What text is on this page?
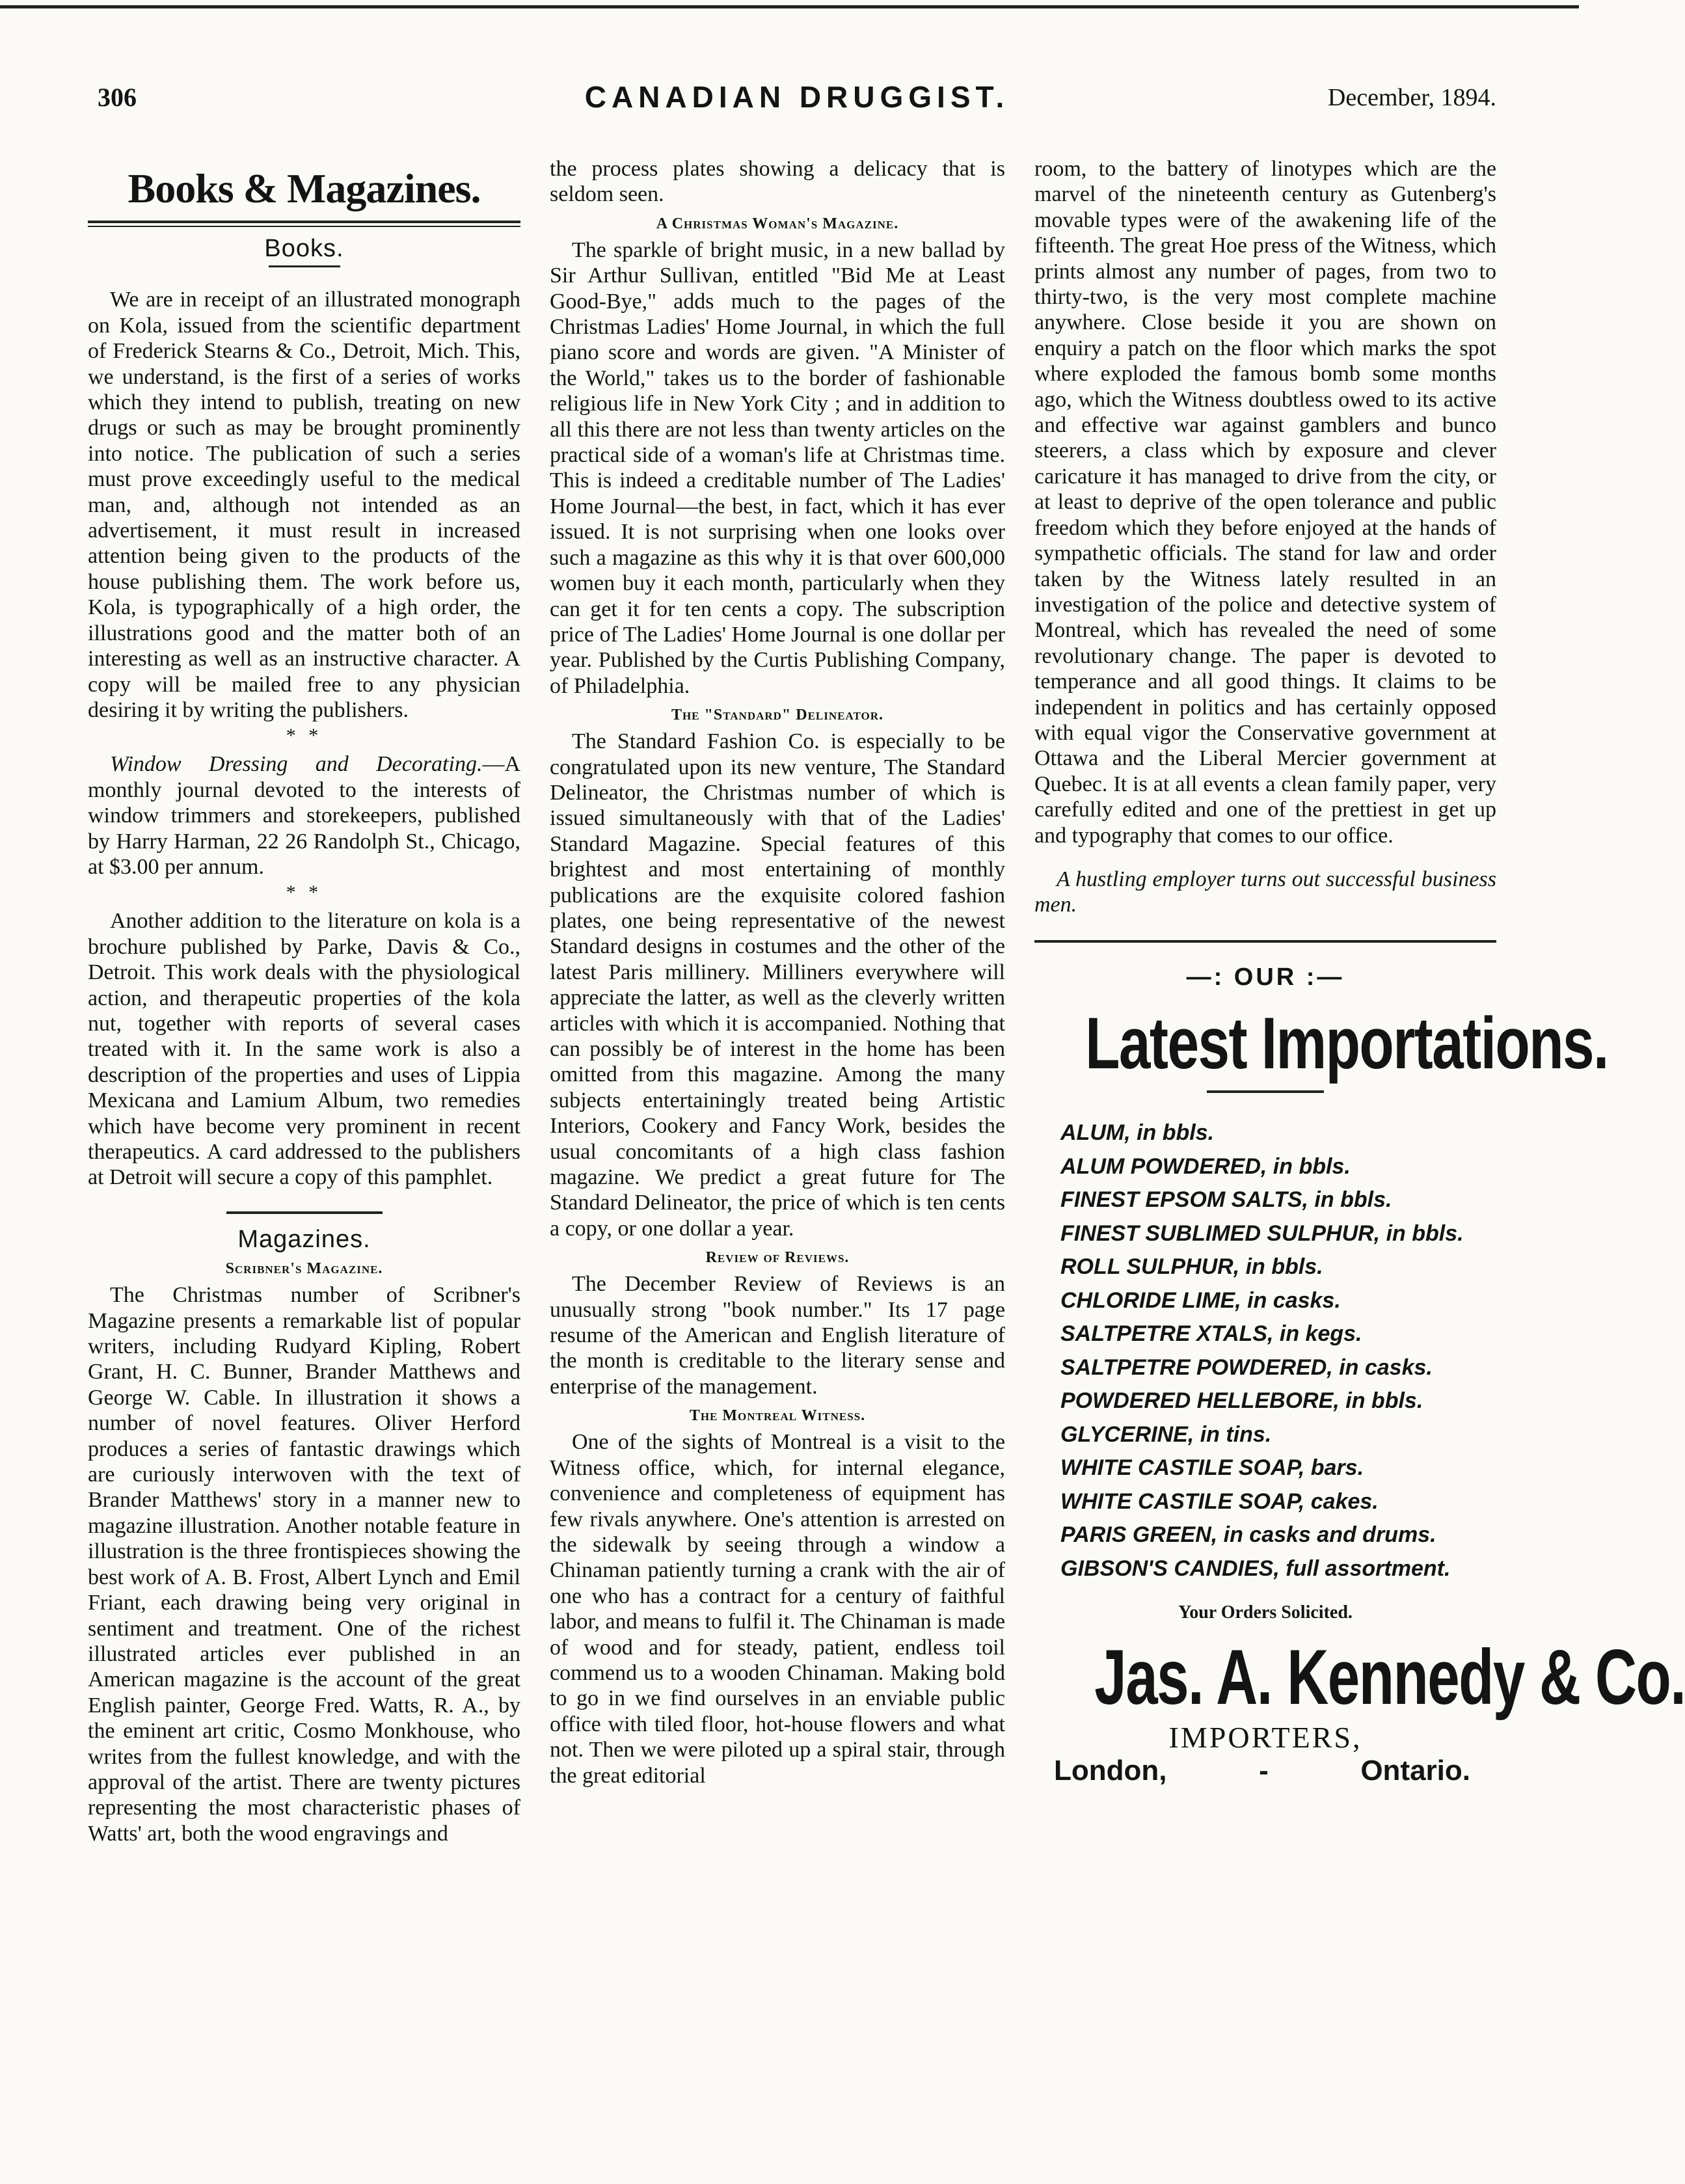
306	CANADIAN DRUGGIST.	December, 1894.
Books & Magazines.
Books.

We are in receipt of an illustrated monograph on Kola, issued from the scientific department of Frederick Stearns & Co., Detroit, Mich. This, we understand, is the first of a series of works which they intend to publish, treating on new drugs or such as may be brought prominently into notice. The publication of such a series must prove exceedingly useful to the medical man, and, although not intended as an advertisement, it must result in increased attention being given to the products of the house publishing them. The work before us, Kola, is typographically of a high order, the illustrations good and the matter both of an interesting as well as an instructive character. A copy will be mailed free to any physician desiring it by writing the publishers.

* *

Window Dressing and Decorating.—A monthly journal devoted to the interests of window trimmers and storekeepers, published by Harry Harman, 22 26 Randolph St., Chicago, at $3.00 per annum.

* *

Another addition to the literature on kola is a brochure published by Parke, Davis & Co., Detroit. This work deals with the physiological action, and therapeutic properties of the kola nut, together with reports of several cases treated with it. In the same work is also a description of the properties and uses of Lippia Mexicana and Lamium Album, two remedies which have become very prominent in recent therapeutics. A card addressed to the publishers at Detroit will secure a copy of this pamphlet.

Magazines.
Scribner's Magazine.

The Christmas number of Scribner's Magazine presents a remarkable list of popular writers, including Rudyard Kipling, Robert Grant, H. C. Bunner, Brander Matthews and George W. Cable. In illustration it shows a number of novel features. Oliver Herford produces a series of fantastic drawings which are curiously interwoven with the text of Brander Matthews' story in a manner new to magazine illustration. Another notable feature in illustration is the three frontispieces showing the best work of A. B. Frost, Albert Lynch and Emil Friant, each drawing being very original in sentiment and treatment. One of the richest illustrated articles ever published in an American magazine is the account of the great English painter, George Fred. Watts, R. A., by the eminent art critic, Cosmo Monkhouse, who writes from the fullest knowledge, and with the approval of the artist. There are twenty pictures representing the most characteristic phases of Watts' art, both the wood engravings and

the process plates showing a delicacy that is seldom seen.

A Christmas Woman's Magazine.

The sparkle of bright music, in a new ballad by Sir Arthur Sullivan, entitled "Bid Me at Least Good-Bye," adds much to the pages of the Christmas Ladies' Home Journal, in which the full piano score and words are given. "A Minister of the World," takes us to the border of fashionable religious life in New York City ; and in addition to all this there are not less than twenty articles on the practical side of a woman's life at Christmas time. This is indeed a creditable number of The Ladies' Home Journal—the best, in fact, which it has ever issued. It is not surprising when one looks over such a magazine as this why it is that over 600,000 women buy it each month, particularly when they can get it for ten cents a copy. The subscription price of The Ladies' Home Journal is one dollar per year. Published by the Curtis Publishing Company, of Philadelphia.

The "Standard" Delineator.

The Standard Fashion Co. is especially to be congratulated upon its new venture, The Standard Delineator, the Christmas number of which is issued simultaneously with that of the Ladies' Standard Magazine. Special features of this brightest and most entertaining of monthly publications are the exquisite colored fashion plates, one being representative of the newest Standard designs in costumes and the other of the latest Paris millinery. Milliners everywhere will appreciate the latter, as well as the cleverly written articles with which it is accompanied. Nothing that can possibly be of interest in the home has been omitted from this magazine. Among the many subjects entertainingly treated being Artistic Interiors, Cookery and Fancy Work, besides the usual concomitants of a high class fashion magazine. We predict a great future for The Standard Delineator, the price of which is ten cents a copy, or one dollar a year.

Review of Reviews.

The December Review of Reviews is an unusually strong "book number." Its 17 page resume of the American and English literature of the month is creditable to the literary sense and enterprise of the management.

The Montreal Witness.

One of the sights of Montreal is a visit to the Witness office, which, for internal elegance, convenience and completeness of equipment has few rivals anywhere. One's attention is arrested on the sidewalk by seeing through a window a Chinaman patiently turning a crank with the air of one who has a contract for a century of faithful labor, and means to fulfil it. The Chinaman is made of wood and for steady, patient, endless toil commend us to a wooden Chinaman. Making bold to go in we find ourselves in an enviable public office with tiled floor, hot-house flowers and what not. Then we were piloted up a spiral stair, through the great editorial

room, to the battery of linotypes which are the marvel of the nineteenth century as Gutenberg's movable types were of the awakening life of the fifteenth. The great Hoe press of the Witness, which prints almost any number of pages, from two to thirty-two, is the very most complete machine anywhere. Close beside it you are shown on enquiry a patch on the floor which marks the spot where exploded the famous bomb some months ago, which the Witness doubtless owed to its active and effective war against gamblers and bunco steerers, a class which by exposure and clever caricature it has managed to drive from the city, or at least to deprive of the open tolerance and public freedom which they before enjoyed at the hands of sympathetic officials. The stand for law and order taken by the Witness lately resulted in an investigation of the police and detective system of Montreal, which has revealed the need of some revolutionary change. The paper is devoted to temperance and all good things. It claims to be independent in politics and has certainly opposed with equal vigor the Conservative government at Ottawa and the Liberal Mercier government at Quebec. It is at all events a clean family paper, very carefully edited and one of the prettiest in get up and typography that comes to our office.

A hustling employer turns out successful business men.

—: OUR :—
Latest Importations.
ALUM, in bbls.
ALUM POWDERED, in bbls.
FINEST EPSOM SALTS, in bbls.
FINEST SUBLIMED SULPHUR, in bbls.
ROLL SULPHUR, in bbls.
CHLORIDE LIME, in casks.
SALTPETRE XTALS, in kegs.
SALTPETRE POWDERED, in casks.
POWDERED HELLEBORE, in bbls.
GLYCERINE, in tins.
WHITE CASTILE SOAP, bars.
WHITE CASTILE SOAP, cakes.
PARIS GREEN, in casks and drums.
GIBSON'S CANDIES, full assortment.
Your Orders Solicited.
Jas. A. Kennedy & Co.
IMPORTERS,
London,	-	Ontario.
